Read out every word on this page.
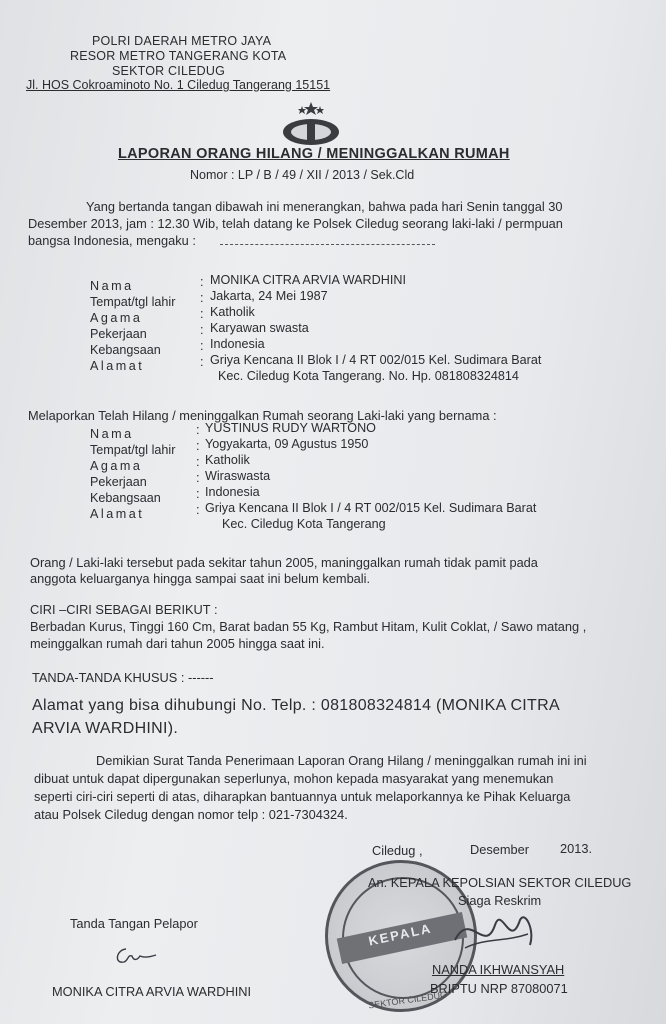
POLRI DAERAH METRO JAYA
RESOR METRO TANGERANG KOTA
SEKTOR CILEDUG
Jl. HOS Cokroaminoto No. 1 Ciledug Tangerang 15151
LAPORAN ORANG HILANG / MENINGGALKAN RUMAH
Nomor : LP / B / 49 / XII / 2013 / Sek.Cld
Yang bertanda tangan dibawah ini menerangkan, bahwa pada hari Senin tanggal 30
Desember 2013, jam : 12.30 Wib, telah datang ke Polsek Ciledug seorang laki-laki / permpuan
bangsa Indonesia, mengaku :
Nama
Tempat/tgl lahir
Agama
Pekerjaan
Kebangsaan
Alamat
:
:
:
:
:
:
MONIKA CITRA ARVIA WARDHINI
Jakarta, 24 Mei 1987
Katholik
Karyawan swasta
Indonesia
Griya Kencana II Blok I / 4 RT 002/015 Kel. Sudimara Barat
Kec. Ciledug Kota Tangerang. No. Hp. 081808324814
Melaporkan Telah Hilang / meninggalkan Rumah seorang Laki-laki yang bernama :
Nama
Tempat/tgl lahir
Agama
Pekerjaan
Kebangsaan
Alamat
:
:
:
:
:
:
YUSTINUS RUDY WARTONO
Yogyakarta, 09 Agustus 1950
Katholik
Wiraswasta
Indonesia
Griya Kencana II Blok I / 4 RT 002/015 Kel. Sudimara Barat
Kec. Ciledug Kota Tangerang
Orang / Laki-laki tersebut pada sekitar tahun 2005, maninggalkan rumah tidak pamit pada
anggota keluarganya hingga sampai saat ini belum kembali.
CIRI –CIRI SEBAGAI BERIKUT :
Berbadan Kurus, Tinggi 160 Cm, Barat badan 55 Kg, Rambut Hitam, Kulit Coklat, / Sawo matang ,
meinggalkan rumah dari tahun 2005 hingga saat ini.
TANDA-TANDA KHUSUS : ------
Alamat yang bisa dihubungi No. Telp. : 081808324814 (MONIKA CITRA
ARVIA WARDHINI).
Demikian Surat Tanda Penerimaan Laporan Orang Hilang / meninggalkan rumah ini ini
dibuat untuk dapat dipergunakan seperlunya, mohon kepada masyarakat yang menemukan
seperti ciri-ciri seperti di atas, diharapkan bantuannya untuk melaporkannya ke Pihak Keluarga
atau Polsek Ciledug dengan nomor telp : 021-7304324.
Ciledug ,	Desember 2013.
KEPALA
SEKTOR CILEDUG
An. KEPALA KEPOLSIAN SEKTOR CILEDUG
Siaga Reskrim
NANDA IKHWANSYAH
BRIPTU NRP 87080071
Tanda Tangan Pelapor
MONIKA CITRA ARVIA WARDHINI
